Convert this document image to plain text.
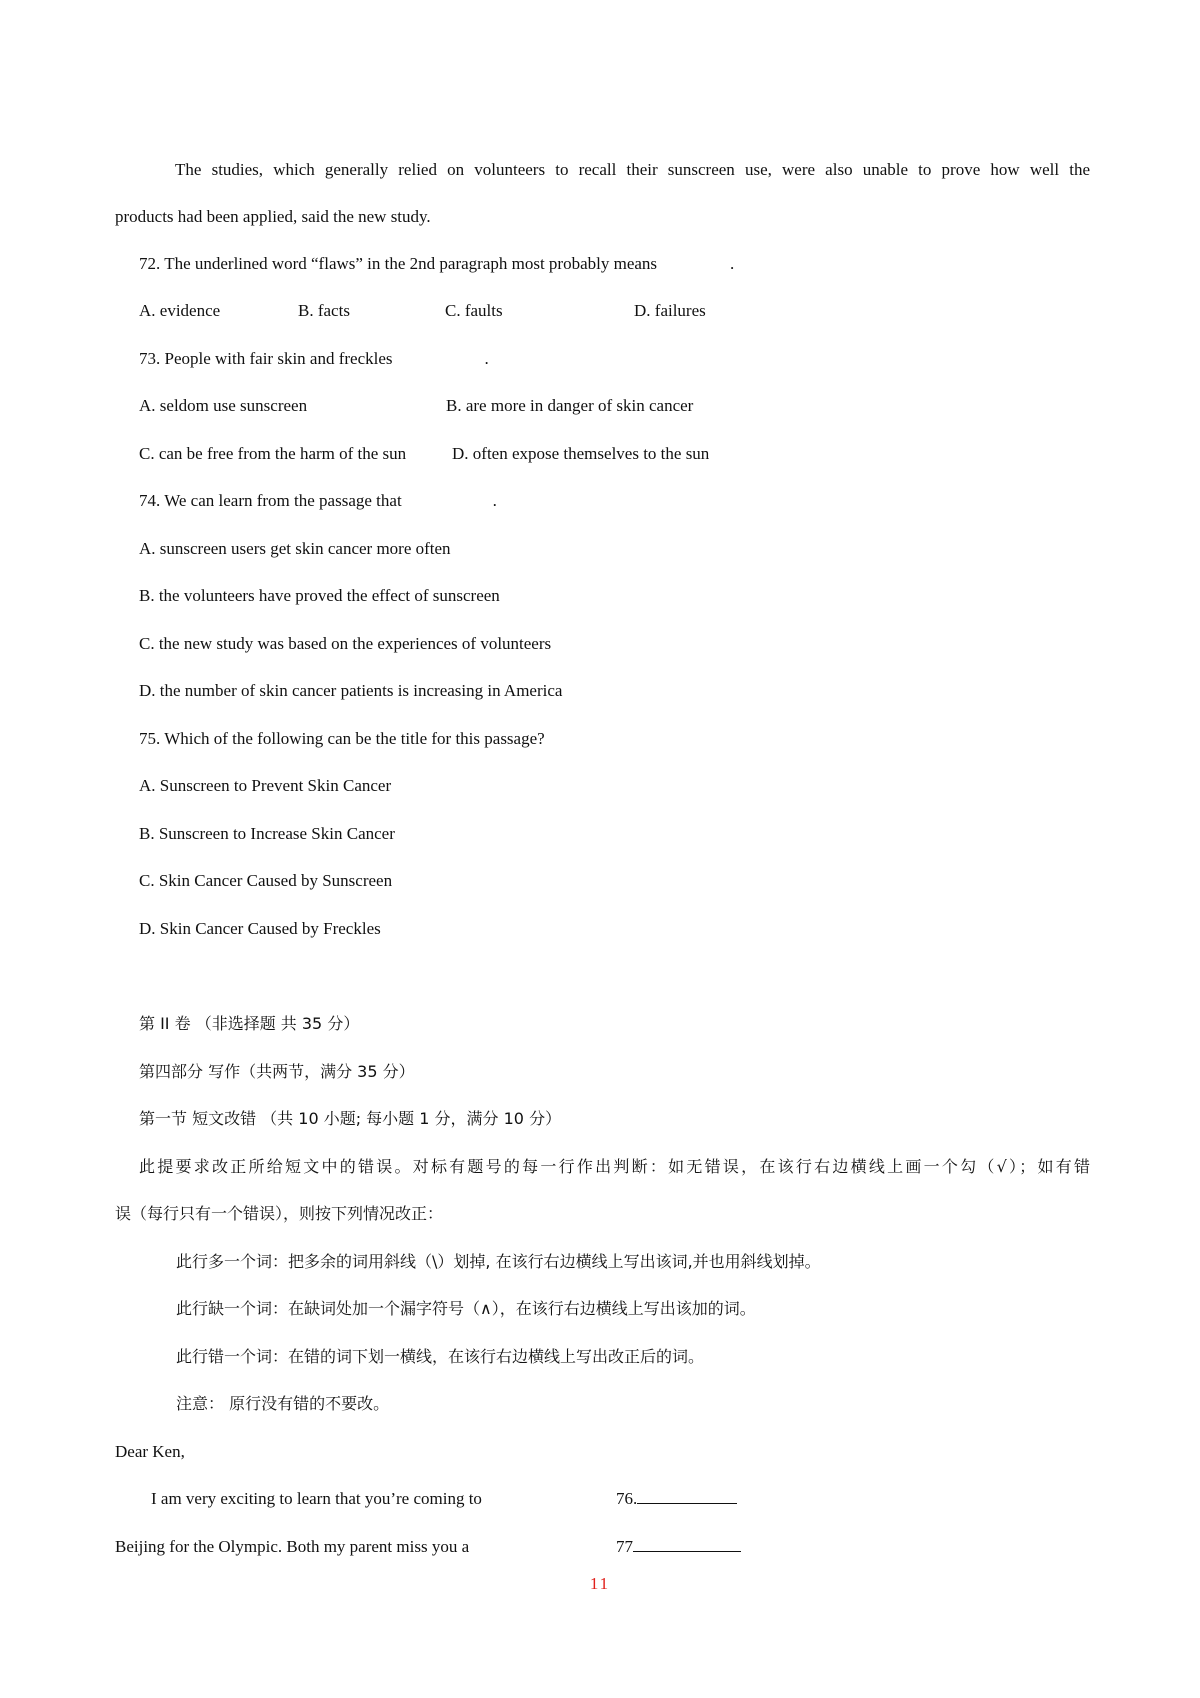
The studies, which generally relied on volunteers to recall their sunscreen use, were also unable to prove how well the
products had been applied, said the new study.
72. The underlined word “flaws” in the 2nd paragraph most probably means	.
A. evidence	B. facts	C. faults	D. failures
73. People with fair skin and freckles	.
A. seldom use sunscreen	B. are more in danger of skin cancer
C. can be free from the harm of the sun	D. often expose themselves to the sun
74. We can learn from the passage that	.
A. sunscreen users get skin cancer more often
B. the volunteers have proved the effect of sunscreen
C. the new study was based on the experiences of volunteers
D. the number of skin cancer patients is increasing in America
75. Which of the following can be the title for this passage?
A. Sunscreen to Prevent Skin Cancer
B. Sunscreen to Increase Skin Cancer
C. Skin Cancer Caused by Sunscreen
D. Skin Cancer Caused by Freckles
第 II 卷 （非选择题 共 35 分）
第四部分 写作（共两节，满分 35 分）
第一节 短文改错 （共 10 小题; 每小题 1 分，满分 10 分）
此提要求改正所给短文中的错误。对标有题号的每一行作出判断：如无错误，在该行右边横线上画一个勾（√）；如有错
误（每行只有一个错误），则按下列情况改正：
此行多一个词：把多余的词用斜线（\）划掉, 在该行右边横线上写出该词,并也用斜线划掉。
此行缺一个词：在缺词处加一个漏字符号（∧），在该行右边横线上写出该加的词。
此行错一个词：在错的词下划一横线，在该行右边横线上写出改正后的词。
注意： 原行没有错的不要改。
Dear Ken,
I am very exciting to learn that you’re coming to	76.
Beijing for the Olympic. Both my parent miss you a	77
11
